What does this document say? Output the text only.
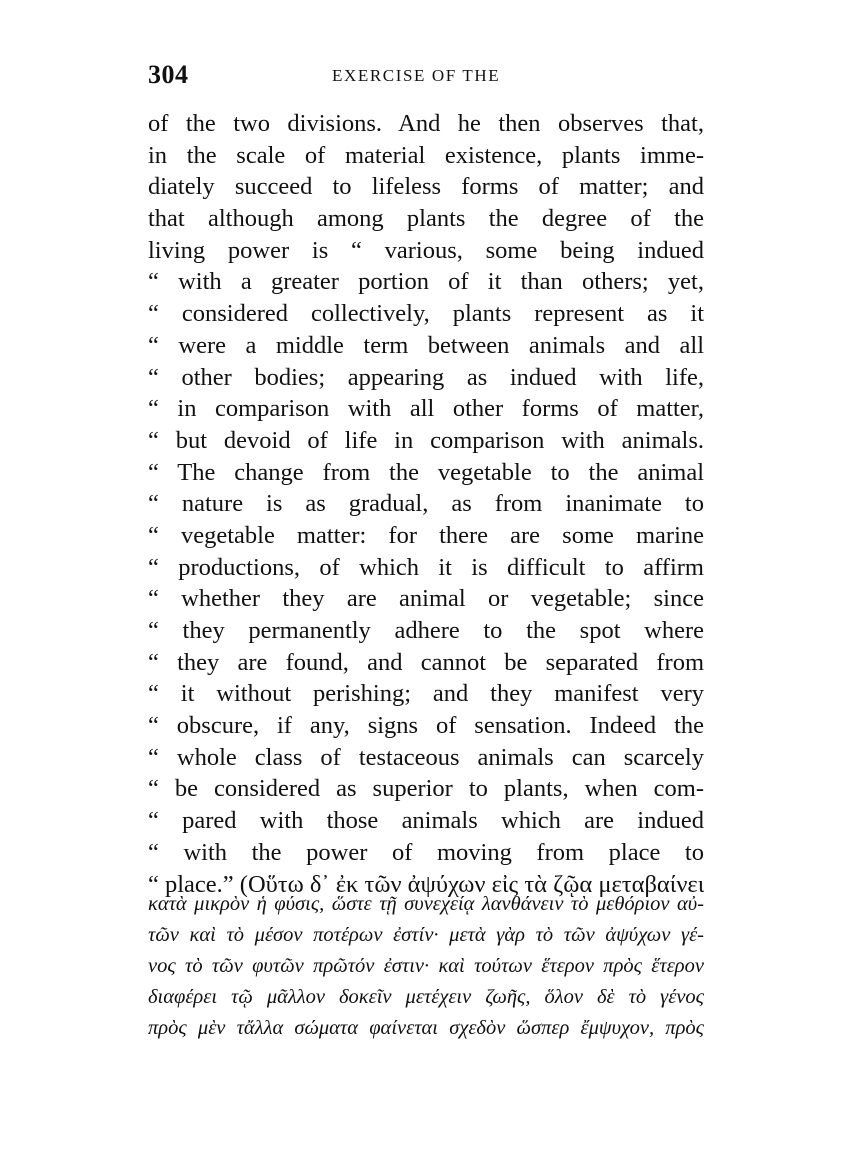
304	EXERCISE OF THE
of the two divisions. And he then observes that,
in the scale of material existence, plants imme-
diately succeed to lifeless forms of matter; and
that although among plants the degree of the
living power is “ various, some being indued
“ with a greater portion of it than others; yet,
“ considered collectively, plants represent as it
“ were a middle term between animals and all
“ other bodies; appearing as indued with life,
“ in comparison with all other forms of matter,
“ but devoid of life in comparison with animals.
“ The change from the vegetable to the animal
“ nature is as gradual, as from inanimate to
“ vegetable matter: for there are some marine
“ productions, of which it is difficult to affirm
“ whether they are animal or vegetable; since
“ they permanently adhere to the spot where
“ they are found, and cannot be separated from
“ it without perishing; and they manifest very
“ obscure, if any, signs of sensation. Indeed the
“ whole class of testaceous animals can scarcely
“ be considered as superior to plants, when com-
“ pared with those animals which are indued
“ with the power of moving from place to
“ place.” (Οὕτω δ᾽ ἐκ τῶν ἀψύχων εἰς τὰ ζῷα μεταβαίνει
κατὰ μικρὸν ἡ φύσις, ὥστε τῇ συνεχείᾳ λανθάνειν τὸ μεθόριον αὐ-
τῶν καὶ τὸ μέσον ποτέρων ἐστίν· μετὰ γὰρ τὸ τῶν ἀψύχων γέ-
νος τὸ τῶν φυτῶν πρῶτόν ἐστιν· καὶ τούτων ἕτερον πρὸς ἕτερον
διαφέρει τῷ μᾶλλον δοκεῖν μετέχειν ζωῆς, ὅλον δὲ τὸ γένος
πρὸς μὲν τἄλλα σώματα φαίνεται σχεδὸν ὥσπερ ἔμψυχον, πρὸς
